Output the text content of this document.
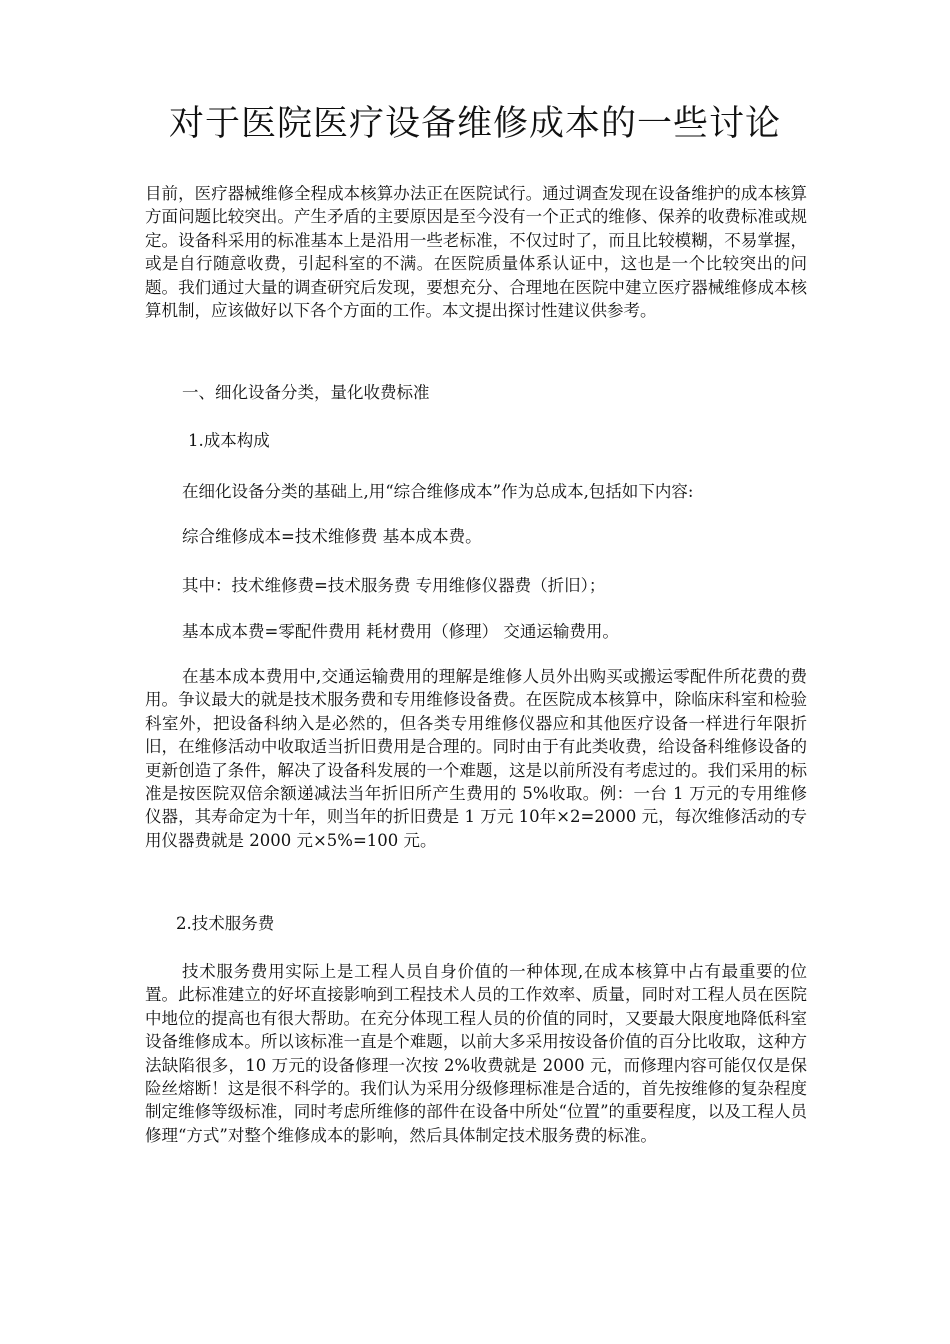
对于医院医疗设备维修成本的一些讨论

目前，医疗器械维修全程成本核算办法正在医院试行。通过调查发现在设备维护的成本核算方面问题比较突出。产生矛盾的主要原因是至今没有一个正式的维修、保养的收费标准或规定。设备科采用的标准基本上是沿用一些老标准，不仅过时了，而且比较模糊，不易掌握，或是自行随意收费，引起科室的不满。在医院质量体系认证中，这也是一个比较突出的问题。我们通过大量的调查研究后发现，要想充分、合理地在医院中建立医疗器械维修成本核算机制，应该做好以下各个方面的工作。本文提出探讨性建议供参考。

一、细化设备分类，量化收费标准

1.成本构成

在细化设备分类的基础上,用“综合维修成本”作为总成本,包括如下内容:

综合维修成本=技术维修费 基本成本费。

其中：技术维修费=技术服务费 专用维修仪器费（折旧）；

基本成本费=零配件费用 耗材费用（修理） 交通运输费用。

在基本成本费用中,交通运输费用的理解是维修人员外出购买或搬运零配件所花费的费用。争议最大的就是技术服务费和专用维修设备费。在医院成本核算中，除临床科室和检验科室外，把设备科纳入是必然的，但各类专用维修仪器应和其他医疗设备一样进行年限折旧，在维修活动中收取适当折旧费用是合理的。同时由于有此类收费，给设备科维修设备的更新创造了条件，解决了设备科发展的一个难题，这是以前所没有考虑过的。我们采用的标准是按医院双倍余额递减法当年折旧所产生费用的 5%收取。例：一台 1 万元的专用维修仪器，其寿命定为十年，则当年的折旧费是 1 万元 10年×2=2000 元，每次维修活动的专用仪器费就是 2000 元×5%=100 元。

2.技术服务费

技术服务费用实际上是工程人员自身价值的一种体现,在成本核算中占有最重要的位置。此标准建立的好坏直接影响到工程技术人员的工作效率、质量，同时对工程人员在医院中地位的提高也有很大帮助。在充分体现工程人员的价值的同时，又要最大限度地降低科室设备维修成本。所以该标准一直是个难题，以前大多采用按设备价值的百分比收取，这种方法缺陷很多，10 万元的设备修理一次按 2%收费就是 2000 元，而修理内容可能仅仅是保险丝熔断！这是很不科学的。我们认为采用分级修理标准是合适的，首先按维修的复杂程度制定维修等级标准，同时考虑所维修的部件在设备中所处“位置”的重要程度，以及工程人员修理“方式”对整个维修成本的影响，然后具体制定技术服务费的标准。
